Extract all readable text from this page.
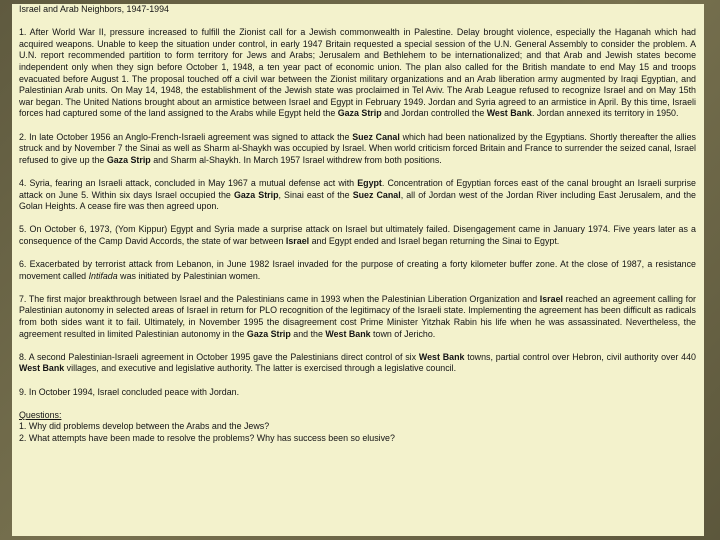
Israel and Arab Neighbors, 1947-1994
1. After World War II, pressure increased to fulfill the Zionist call for a Jewish commonwealth in Palestine. Delay brought violence, especially the Haganah which had acquired weapons. Unable to keep the situation under control, in early 1947 Britain requested a special session of the U.N. General Assembly to consider the problem. A U.N. report recommended partition to form territory for Jews and Arabs; Jerusalem and Bethlehem to be internationalized; and that Arab and Jewish states become independent only when they sign before October 1, 1948, a ten year pact of economic union. The plan also called for the British mandate to end May 15 and troops evacuated before August 1. The proposal touched off a civil war between the Zionist military organizations and an Arab liberation army augmented by Iraqi Egyptian, and Palestinian Arab units. On May 14, 1948, the establishment of the Jewish state was proclaimed in Tel Aviv. The Arab League refused to recognize Israel and on May 15th war began. The United Nations brought about an armistice between Israel and Egypt in February 1949. Jordan and Syria agreed to an armistice in April. By this time, Israeli forces had captured some of the land assigned to the Arabs while Egypt held the Gaza Strip and Jordan controlled the West Bank. Jordan annexed its territory in 1950.
2. In late October 1956 an Anglo-French-Israeli agreement was signed to attack the Suez Canal which had been nationalized by the Egyptians. Shortly thereafter the allies struck and by November 7 the Sinai as well as Sharm al-Shaykh was occupied by Israel. When world criticism forced Britain and France to surrender the seized canal, Israel refused to give up the Gaza Strip and Sharm al-Shaykh. In March 1957 Israel withdrew from both positions.
4. Syria, fearing an Israeli attack, concluded in May 1967 a mutual defense act with Egypt. Concentration of Egyptian forces east of the canal brought an Israeli surprise attack on June 5. Within six days Israel occupied the Gaza Strip, Sinai east of the Suez Canal, all of Jordan west of the Jordan River including East Jerusalem, and the Golan Heights. A cease fire was then agreed upon.
5. On October 6, 1973, (Yom Kippur) Egypt and Syria made a surprise attack on Israel but ultimately failed. Disengagement came in January 1974. Five years later as a consequence of the Camp David Accords, the state of war between Israel and Egypt ended and Israel began returning the Sinai to Egypt.
6. Exacerbated by terrorist attack from Lebanon, in June 1982 Israel invaded for the purpose of creating a forty kilometer buffer zone. At the close of 1987, a resistance movement called Intifada was initiated by Palestinian women.
7. The first major breakthrough between Israel and the Palestinians came in 1993 when the Palestinian Liberation Organization and Israel reached an agreement calling for Palestinian autonomy in selected areas of Israel in return for PLO recognition of the legitimacy of the Israeli state. Implementing the agreement has been difficult as radicals from both sides want it to fail. Ultimately, in November 1995 the disagreement cost Prime Minister Yitzhak Rabin his life when he was assassinated. Nevertheless, the agreement resulted in limited Palestinian autonomy in the Gaza Strip and the West Bank town of Jericho.
8. A second Palestinian-Israeli agreement in October 1995 gave the Palestinians direct control of six West Bank towns, partial control over Hebron, civil authority over 440 West Bank villages, and executive and legislative authority. The latter is exercised through a legislative council.
9. In October 1994, Israel concluded peace with Jordan.
Questions:
1. Why did problems develop between the Arabs and the Jews?
2. What attempts have been made to resolve the problems? Why has success been so elusive?
